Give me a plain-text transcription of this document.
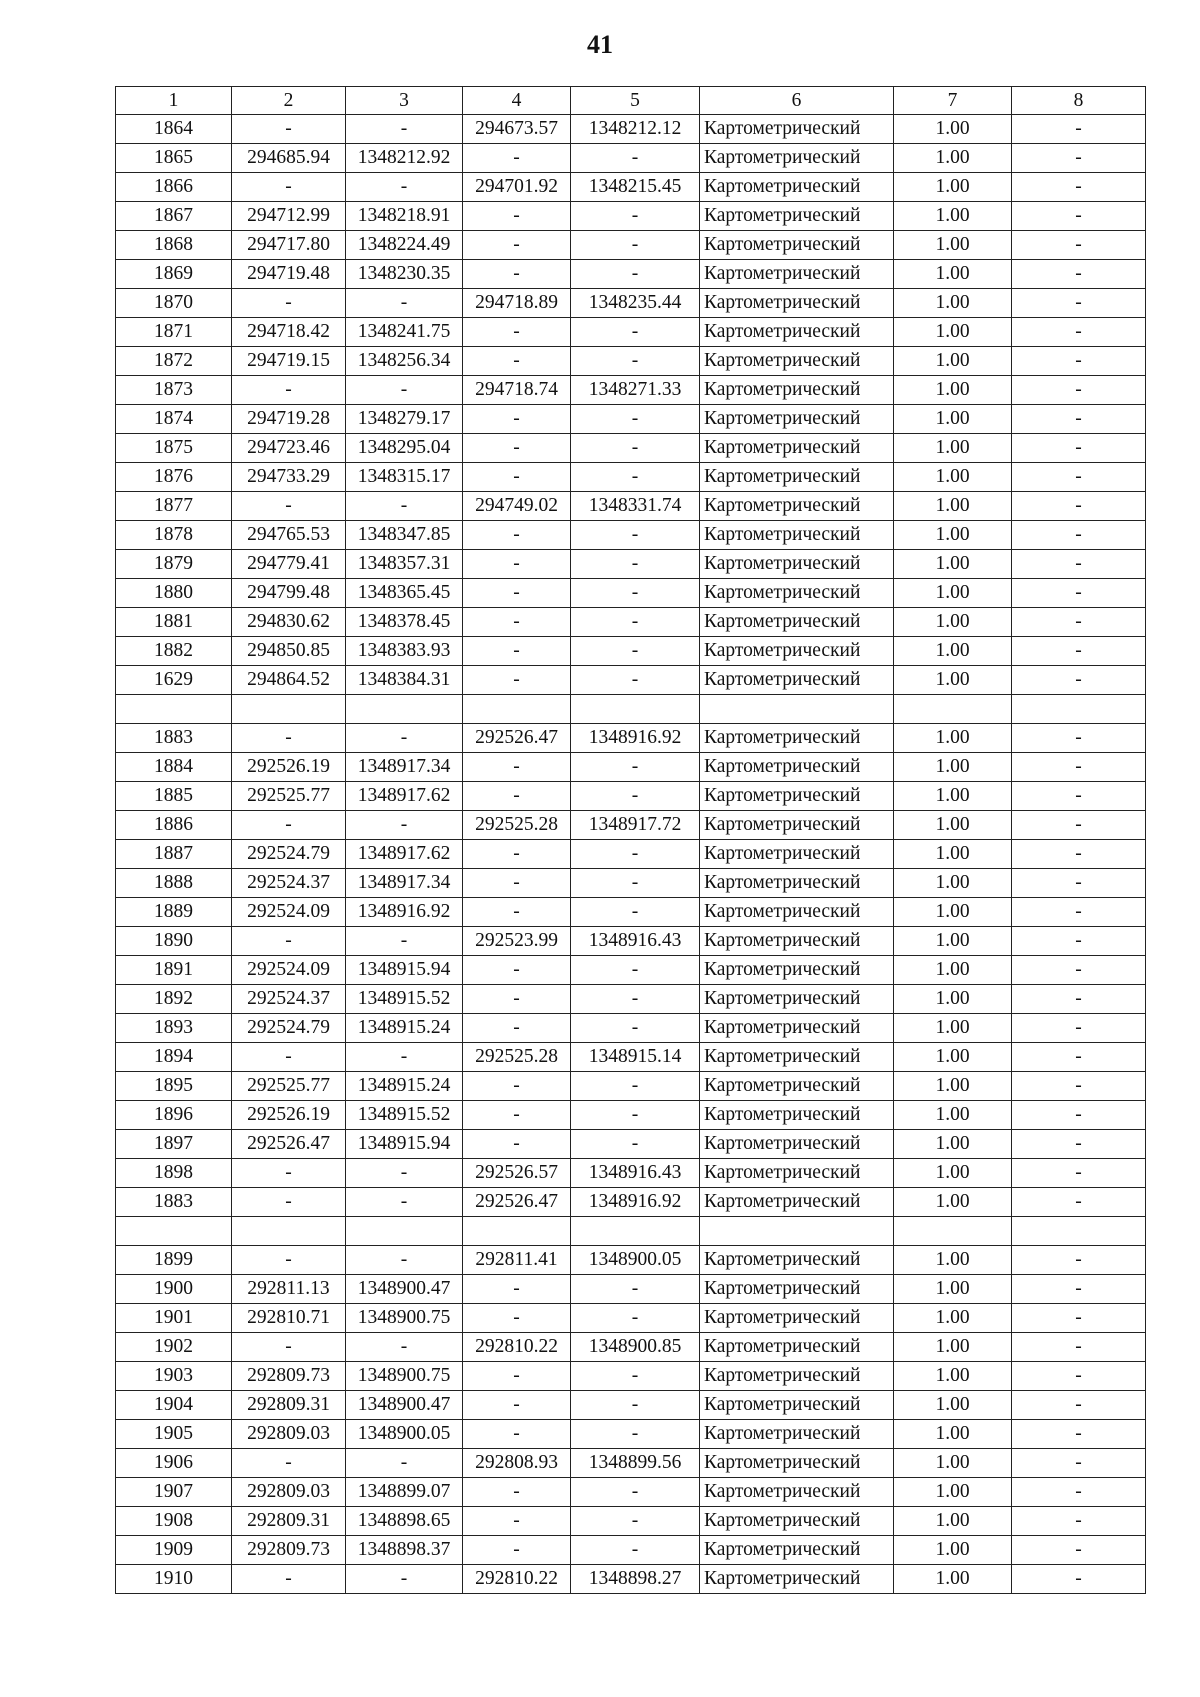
41
1	2	3	4	5	6	7	8
1864	-	-	294673.57	1348212.12	Картометрический	1.00	-
1865	294685.94	1348212.92	-	-	Картометрический	1.00	-
1866	-	-	294701.92	1348215.45	Картометрический	1.00	-
1867	294712.99	1348218.91	-	-	Картометрический	1.00	-
1868	294717.80	1348224.49	-	-	Картометрический	1.00	-
1869	294719.48	1348230.35	-	-	Картометрический	1.00	-
1870	-	-	294718.89	1348235.44	Картометрический	1.00	-
1871	294718.42	1348241.75	-	-	Картометрический	1.00	-
1872	294719.15	1348256.34	-	-	Картометрический	1.00	-
1873	-	-	294718.74	1348271.33	Картометрический	1.00	-
1874	294719.28	1348279.17	-	-	Картометрический	1.00	-
1875	294723.46	1348295.04	-	-	Картометрический	1.00	-
1876	294733.29	1348315.17	-	-	Картометрический	1.00	-
1877	-	-	294749.02	1348331.74	Картометрический	1.00	-
1878	294765.53	1348347.85	-	-	Картометрический	1.00	-
1879	294779.41	1348357.31	-	-	Картометрический	1.00	-
1880	294799.48	1348365.45	-	-	Картометрический	1.00	-
1881	294830.62	1348378.45	-	-	Картометрический	1.00	-
1882	294850.85	1348383.93	-	-	Картометрический	1.00	-
1629	294864.52	1348384.31	-	-	Картометрический	1.00	-

1883	-	-	292526.47	1348916.92	Картометрический	1.00	-
1884	292526.19	1348917.34	-	-	Картометрический	1.00	-
1885	292525.77	1348917.62	-	-	Картометрический	1.00	-
1886	-	-	292525.28	1348917.72	Картометрический	1.00	-
1887	292524.79	1348917.62	-	-	Картометрический	1.00	-
1888	292524.37	1348917.34	-	-	Картометрический	1.00	-
1889	292524.09	1348916.92	-	-	Картометрический	1.00	-
1890	-	-	292523.99	1348916.43	Картометрический	1.00	-
1891	292524.09	1348915.94	-	-	Картометрический	1.00	-
1892	292524.37	1348915.52	-	-	Картометрический	1.00	-
1893	292524.79	1348915.24	-	-	Картометрический	1.00	-
1894	-	-	292525.28	1348915.14	Картометрический	1.00	-
1895	292525.77	1348915.24	-	-	Картометрический	1.00	-
1896	292526.19	1348915.52	-	-	Картометрический	1.00	-
1897	292526.47	1348915.94	-	-	Картометрический	1.00	-
1898	-	-	292526.57	1348916.43	Картометрический	1.00	-
1883	-	-	292526.47	1348916.92	Картометрический	1.00	-

1899	-	-	292811.41	1348900.05	Картометрический	1.00	-
1900	292811.13	1348900.47	-	-	Картометрический	1.00	-
1901	292810.71	1348900.75	-	-	Картометрический	1.00	-
1902	-	-	292810.22	1348900.85	Картометрический	1.00	-
1903	292809.73	1348900.75	-	-	Картометрический	1.00	-
1904	292809.31	1348900.47	-	-	Картометрический	1.00	-
1905	292809.03	1348900.05	-	-	Картометрический	1.00	-
1906	-	-	292808.93	1348899.56	Картометрический	1.00	-
1907	292809.03	1348899.07	-	-	Картометрический	1.00	-
1908	292809.31	1348898.65	-	-	Картометрический	1.00	-
1909	292809.73	1348898.37	-	-	Картометрический	1.00	-
1910	-	-	292810.22	1348898.27	Картометрический	1.00	-
